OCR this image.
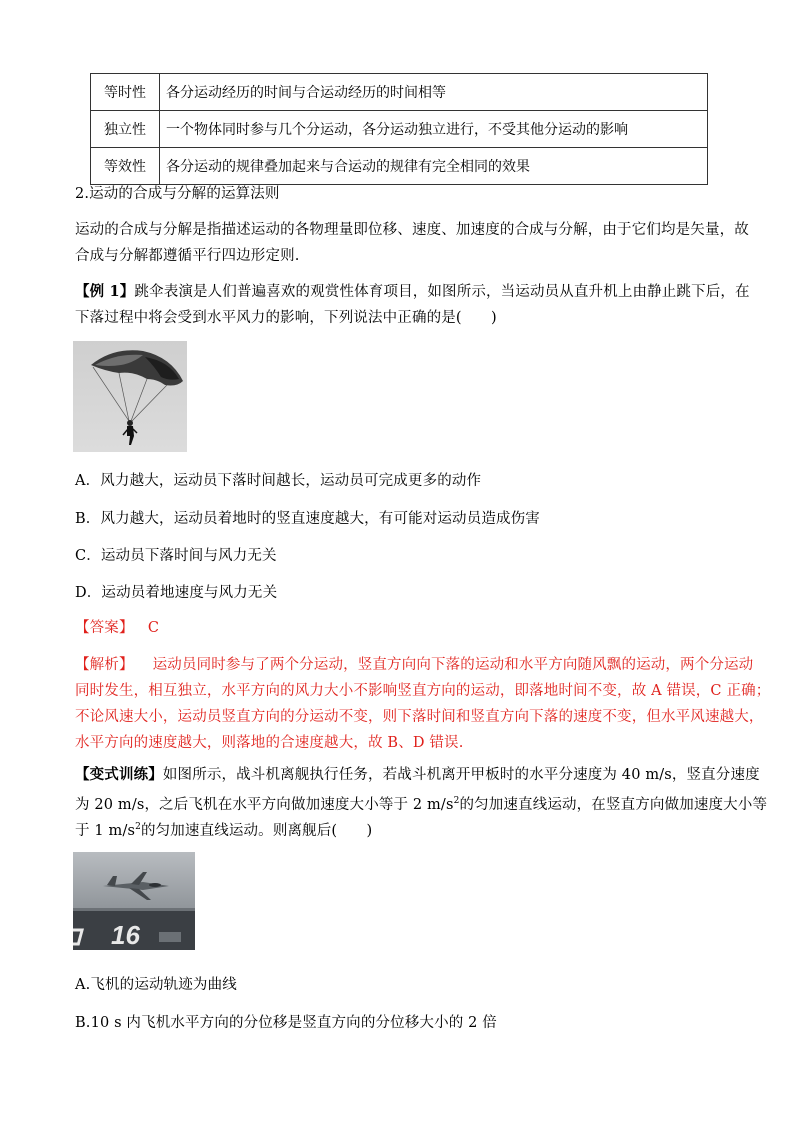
等时性	各分运动经历的时间与合运动经历的时间相等
独立性	一个物体同时参与几个分运动，各分运动独立进行，不受其他分运动的影响
等效性	各分运动的规律叠加起来与合运动的规律有完全相同的效果
2.运动的合成与分解的运算法则
运动的合成与分解是指描述运动的各物理量即位移、速度、加速度的合成与分解，由于它们均是矢量，故
合成与分解都遵循平行四边形定则.
【例 1】跳伞表演是人们普遍喜欢的观赏性体育项目，如图所示，当运动员从直升机上由静止跳下后，在
下落过程中将会受到水平风力的影响，下列说法中正确的是(　　)
A．风力越大，运动员下落时间越长，运动员可完成更多的动作
B．风力越大，运动员着地时的竖直速度越大，有可能对运动员造成伤害
C．运动员下落时间与风力无关
D．运动员着地速度与风力无关
【答案】 C
【解析】 运动员同时参与了两个分运动，竖直方向向下落的运动和水平方向随风飘的运动，两个分运动
同时发生，相互独立，水平方向的风力大小不影响竖直方向的运动，即落地时间不变，故 A 错误，C 正确；
不论风速大小，运动员竖直方向的分运动不变，则下落时间和竖直方向下落的速度不变，但水平风速越大，
水平方向的速度越大，则落地的合速度越大，故 B、D 错误.
【变式训练】如图所示，战斗机离舰执行任务，若战斗机离开甲板时的水平分速度为 40 m/s，竖直分速度
为 20 m/s，之后飞机在水平方向做加速度大小等于 2 $m/s^2$的匀加速直线运动，在竖直方向做加速度大小等
于 1 $m/s^2$的匀加速直线运动。则离舰后(　　)
16
A.飞机的运动轨迹为曲线
B.10 s 内飞机水平方向的分位移是竖直方向的分位移大小的 2 倍
